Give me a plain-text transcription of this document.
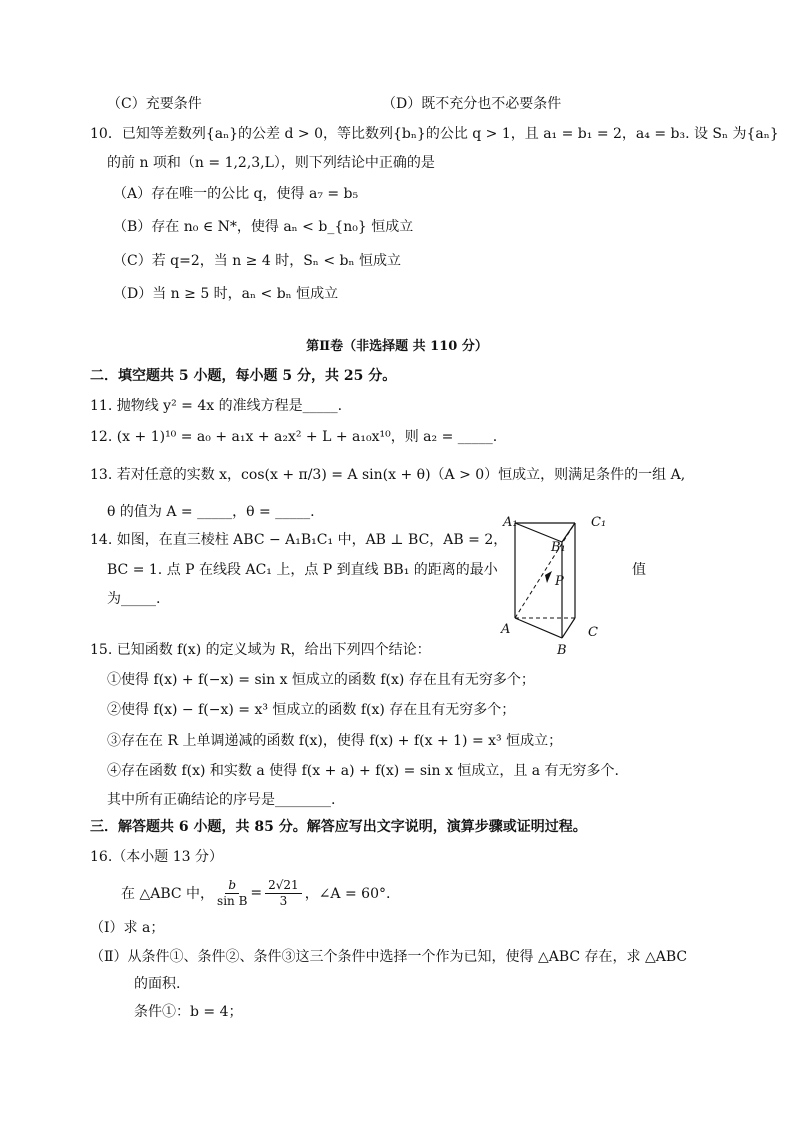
（C）充要条件	（D）既不充分也不必要条件
10．已知等差数列{aₙ}的公差 d > 0，等比数列{bₙ}的公比 q > 1，且 a₁ = b₁ = 2，a₄ = b₃. 设 Sₙ 为{aₙ}
的前 n 项和（n = 1,2,3,L），则下列结论中正确的是
（A）存在唯一的公比 q，使得 a₇ = b₅
（B）存在 n₀ ∈ N*，使得 aₙ < b_{n₀} 恒成立
（C）若 q=2，当 n ≥ 4 时，Sₙ < bₙ 恒成立
（D）当 n ≥ 5 时，aₙ < bₙ 恒成立
第Ⅱ卷（非选择题 共 110 分）
二．填空题共 5 小题，每小题 5 分，共 25 分。
11. 抛物线 y² = 4x 的准线方程是_____.
12. (x + 1)¹⁰ = a₀ + a₁x + a₂x² + L + a₁₀x¹⁰，则 a₂ = _____.
13. 若对任意的实数 x，cos(x + π/3) = A sin(x + θ)（A > 0）恒成立，则满足条件的一组 A,
θ 的值为 A = _____，θ = _____.
14. 如图，在直三棱柱 ABC − A₁B₁C₁ 中，AB ⊥ BC，AB = 2，
BC = 1. 点 P 在线段 AC₁ 上，点 P 到直线 BB₁ 的距离的最小	值
为_____.
A₁	C₁
B₁
P
A	C
B
15. 已知函数 f(x) 的定义域为 R，给出下列四个结论：
①使得 f(x) + f(−x) = sin x 恒成立的函数 f(x) 存在且有无穷多个；
②使得 f(x) − f(−x) = x³ 恒成立的函数 f(x) 存在且有无穷多个；
③存在在 R 上单调递减的函数 f(x)，使得 f(x) + f(x + 1) = x³ 恒成立；
④存在函数 f(x) 和实数 a 使得 f(x + a) + f(x) = sin x 恒成立，且 a 有无穷多个.
其中所有正确结论的序号是________.
三．解答题共 6 小题，共 85 分。解答应写出文字说明，演算步骤或证明过程。
16.（本小题 13 分）
在 △ABC 中， $\frac{b}{\text{sin B}} = \frac{2√21}{3}$ ，∠A = 60°.
（Ⅰ）求 a；
（Ⅱ）从条件①、条件②、条件③这三个条件中选择一个作为已知，使得 △ABC 存在，求 △ABC
的面积.
条件①：b = 4；
